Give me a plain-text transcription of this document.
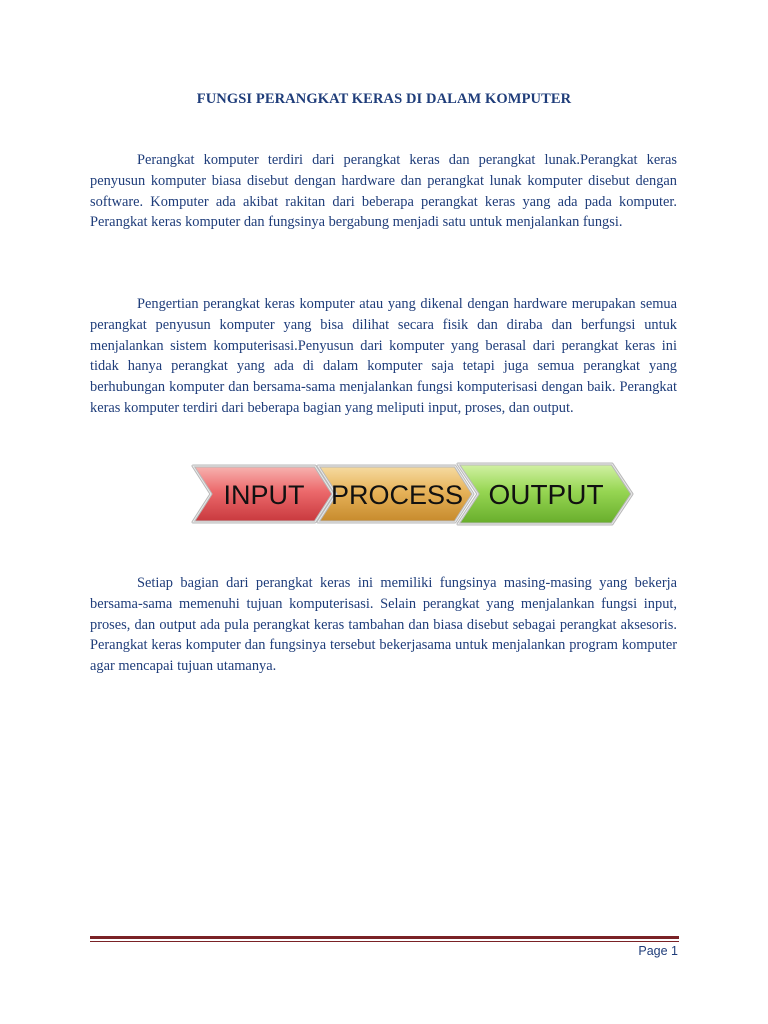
FUNGSI PERANGKAT KERAS DI DALAM KOMPUTER

Perangkat komputer terdiri dari perangkat keras dan perangkat lunak.Perangkat keras penyusun komputer biasa disebut dengan hardware dan perangkat lunak komputer disebut dengan software. Komputer ada akibat rakitan dari beberapa perangkat keras yang ada pada komputer. Perangkat keras komputer dan fungsinya bergabung menjadi satu untuk menjalankan fungsi.

Pengertian perangkat keras komputer atau yang dikenal dengan hardware merupakan semua perangkat penyusun komputer yang bisa dilihat secara fisik dan diraba dan berfungsi untuk menjalankan sistem komputerisasi.Penyusun dari komputer yang berasal dari perangkat keras ini tidak hanya perangkat yang ada di dalam komputer saja tetapi juga semua perangkat yang berhubungan komputer dan bersama-sama menjalankan fungsi komputerisasi dengan baik. Perangkat keras komputer terdiri dari beberapa bagian yang meliputi input, proses, dan output.

INPUT PROCESS OUTPUT

Setiap bagian dari perangkat keras ini memiliki fungsinya masing-masing yang bekerja bersama-sama memenuhi tujuan komputerisasi. Selain perangkat yang menjalankan fungsi input, proses, dan output ada pula perangkat keras tambahan dan biasa disebut sebagai perangkat aksesoris. Perangkat keras komputer dan fungsinya tersebut bekerjasama untuk menjalankan program komputer agar mencapai tujuan utamanya.

Page 1
